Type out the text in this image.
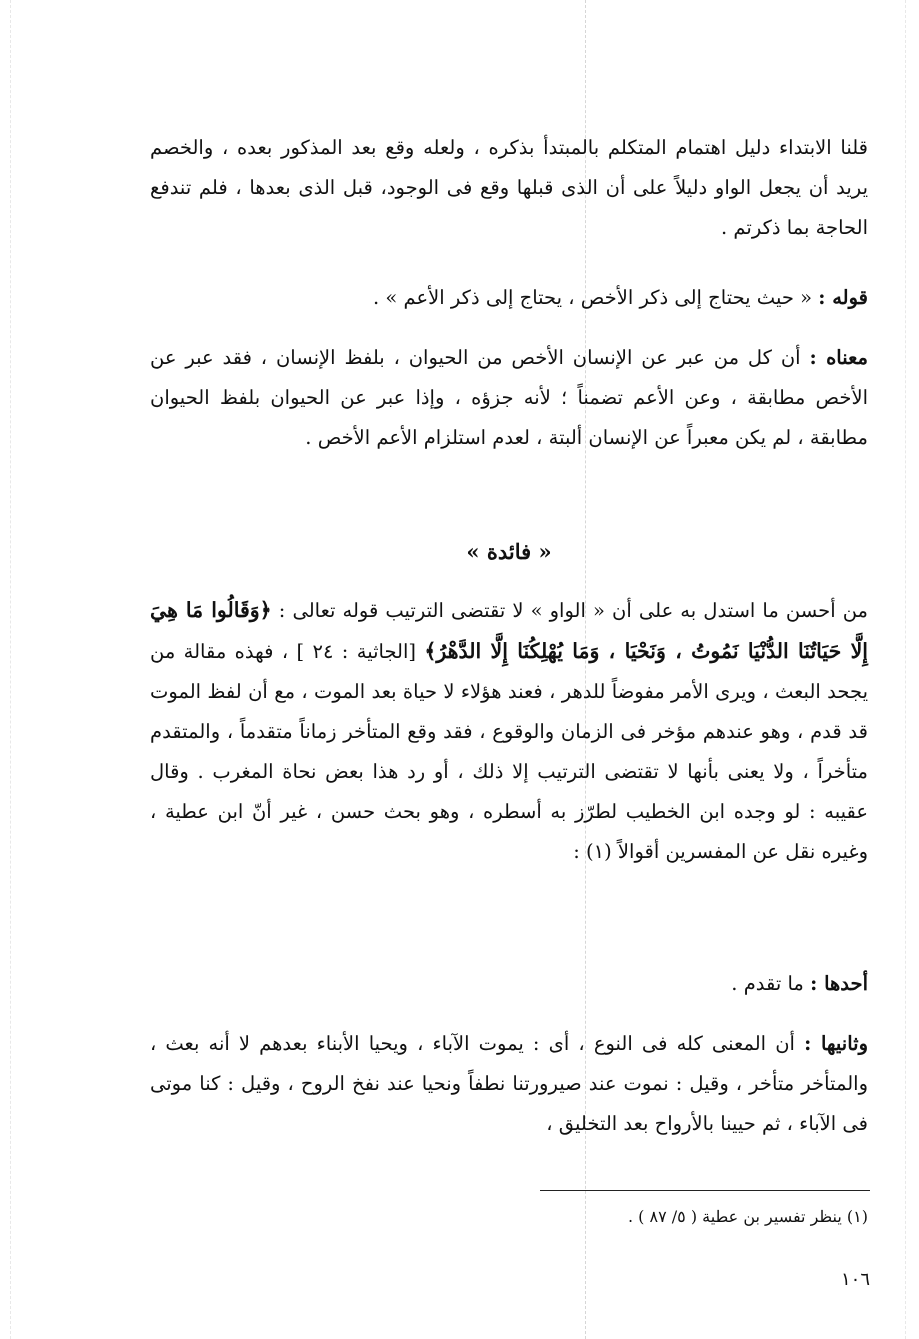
قلنا الابتداء دليل اهتمام المتكلم بالمبتدأ بذكره ، ولعله وقع بعد المذكور بعده ، والخصم يريد أن يجعل الواو دليلاً على أن الذى قبلها وقع فى الوجود، قبل الذى بعدها ، فلم تندفع الحاجة بما ذكرتم .

قوله : « حيث يحتاج إلى ذكر الأخص ، يحتاج إلى ذكر الأعم » .

معناه : أن كل من عبر عن الإنسان الأخص من الحيوان ، بلفظ الإنسان ، فقد عبر عن الأخص مطابقة ، وعن الأعم تضمناً ؛ لأنه جزؤه ، وإذا عبر عن الحيوان بلفظ الحيوان مطابقة ، لم يكن معبراً عن الإنسان ألبتة ، لعدم استلزام الأعم الأخص .

« فائدة »

من أحسن ما استدل به على أن « الواو » لا تقتضى الترتيب قوله تعالى : ﴿وَقَالُوا مَا هِيَ إِلَّا حَيَاتُنَا الدُّنْيَا نَمُوتُ ، وَنَحْيَا ، وَمَا يُهْلِكُنَا إِلَّا الدَّهْرُ﴾ [الجاثية : ٢٤ ] ، فهذه مقالة من يجحد البعث ، ويرى الأمر مفوضاً للدهر ، فعند هؤلاء لا حياة بعد الموت ، مع أن لفظ الموت قد قدم ، وهو عندهم مؤخر فى الزمان والوقوع ، فقد وقع المتأخر زماناً متقدماً ، والمتقدم متأخراً ، ولا يعنى بأنها لا تقتضى الترتيب إلا ذلك ، أو رد هذا بعض نحاة المغرب . وقال عقيبه : لو وجده ابن الخطيب لطرّز به أسطره ، وهو بحث حسن ، غير أنّ ابن عطية ، وغيره نقل عن المفسرين أقوالاً (١) :

أحدها : ما تقدم .

وثانيها : أن المعنى كله فى النوع ، أى : يموت الآباء ، ويحيا الأبناء بعدهم لا أنه بعث ، والمتأخر متأخر ، وقيل : نموت عند صيرورتنا نطفاً ونحيا عند نفخ الروح ، وقيل : كنا موتى فى الآباء ، ثم حيينا بالأرواح بعد التخليق ،

(١) ينظر تفسير بن عطية ( ٥/ ٨٧ ) .

١٠٦
